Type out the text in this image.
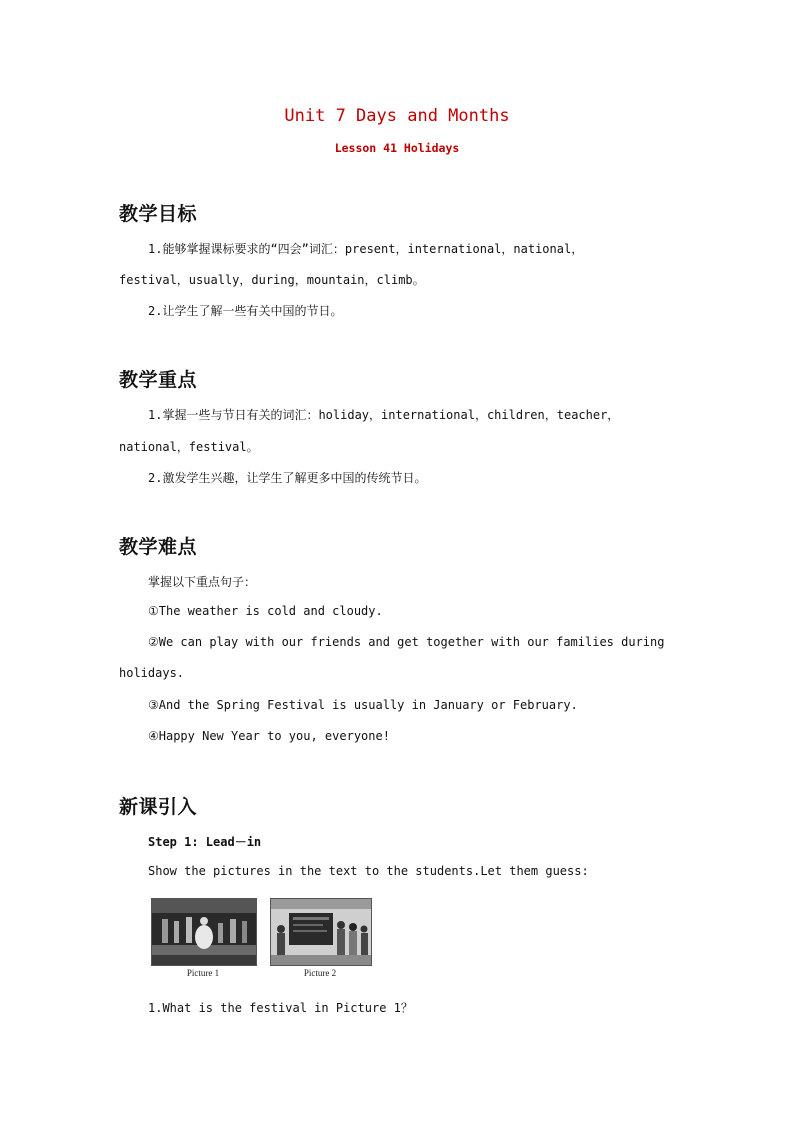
Unit 7 Days and Months
Lesson 41 Holidays
教学目标
1.能够掌握课标要求的“四会”词汇：present，international，national，
festival，usually，during，mountain，climb。
2.让学生了解一些有关中国的节日。
教学重点
1.掌握一些与节日有关的词汇：holiday，international，children，teacher，
national，festival。
2.激发学生兴趣，让学生了解更多中国的传统节日。
教学难点
掌握以下重点句子：
①The weather is cold and cloudy.
②We can play with our friends and get together with our families during
holidays.
③And the Spring Festival is usually in January or February.
④Happy New Year to you, everyone!
新课引入
Step 1: Lead－in
Show the pictures in the text to the students.Let them guess:
Picture 1	Picture 2
1.What is the festival in Picture 1？
